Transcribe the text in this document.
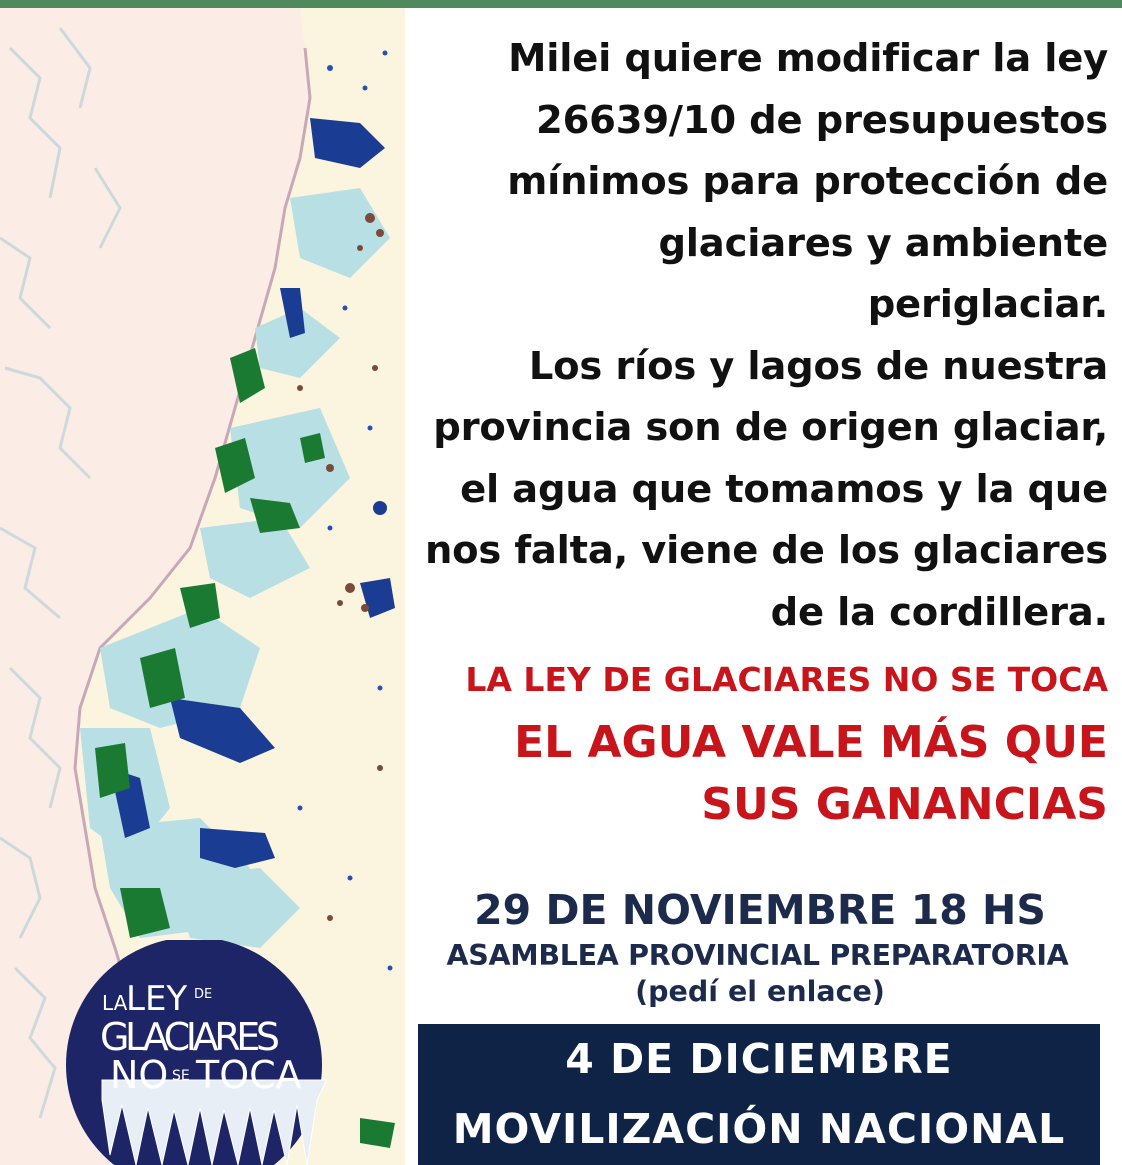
LA
LEY DE
GLACIARES
NO SE TOCA
Milei quiere modificar la ley
26639/10 de presupuestos
mínimos para protección de
glaciares y ambiente
periglaciar.
Los ríos y lagos de nuestra
provincia son de origen glaciar,
el agua que tomamos y la que
nos falta, viene de los glaciares
de la cordillera.
LA LEY DE GLACIARES NO SE TOCA
EL AGUA VALE MÁS QUE
SUS GANANCIAS
29 DE NOVIEMBRE 18 HS
ASAMBLEA PROVINCIAL PREPARATORIA
(pedí el enlace)
4 DE DICIEMBRE
MOVILIZACIÓN NACIONAL
